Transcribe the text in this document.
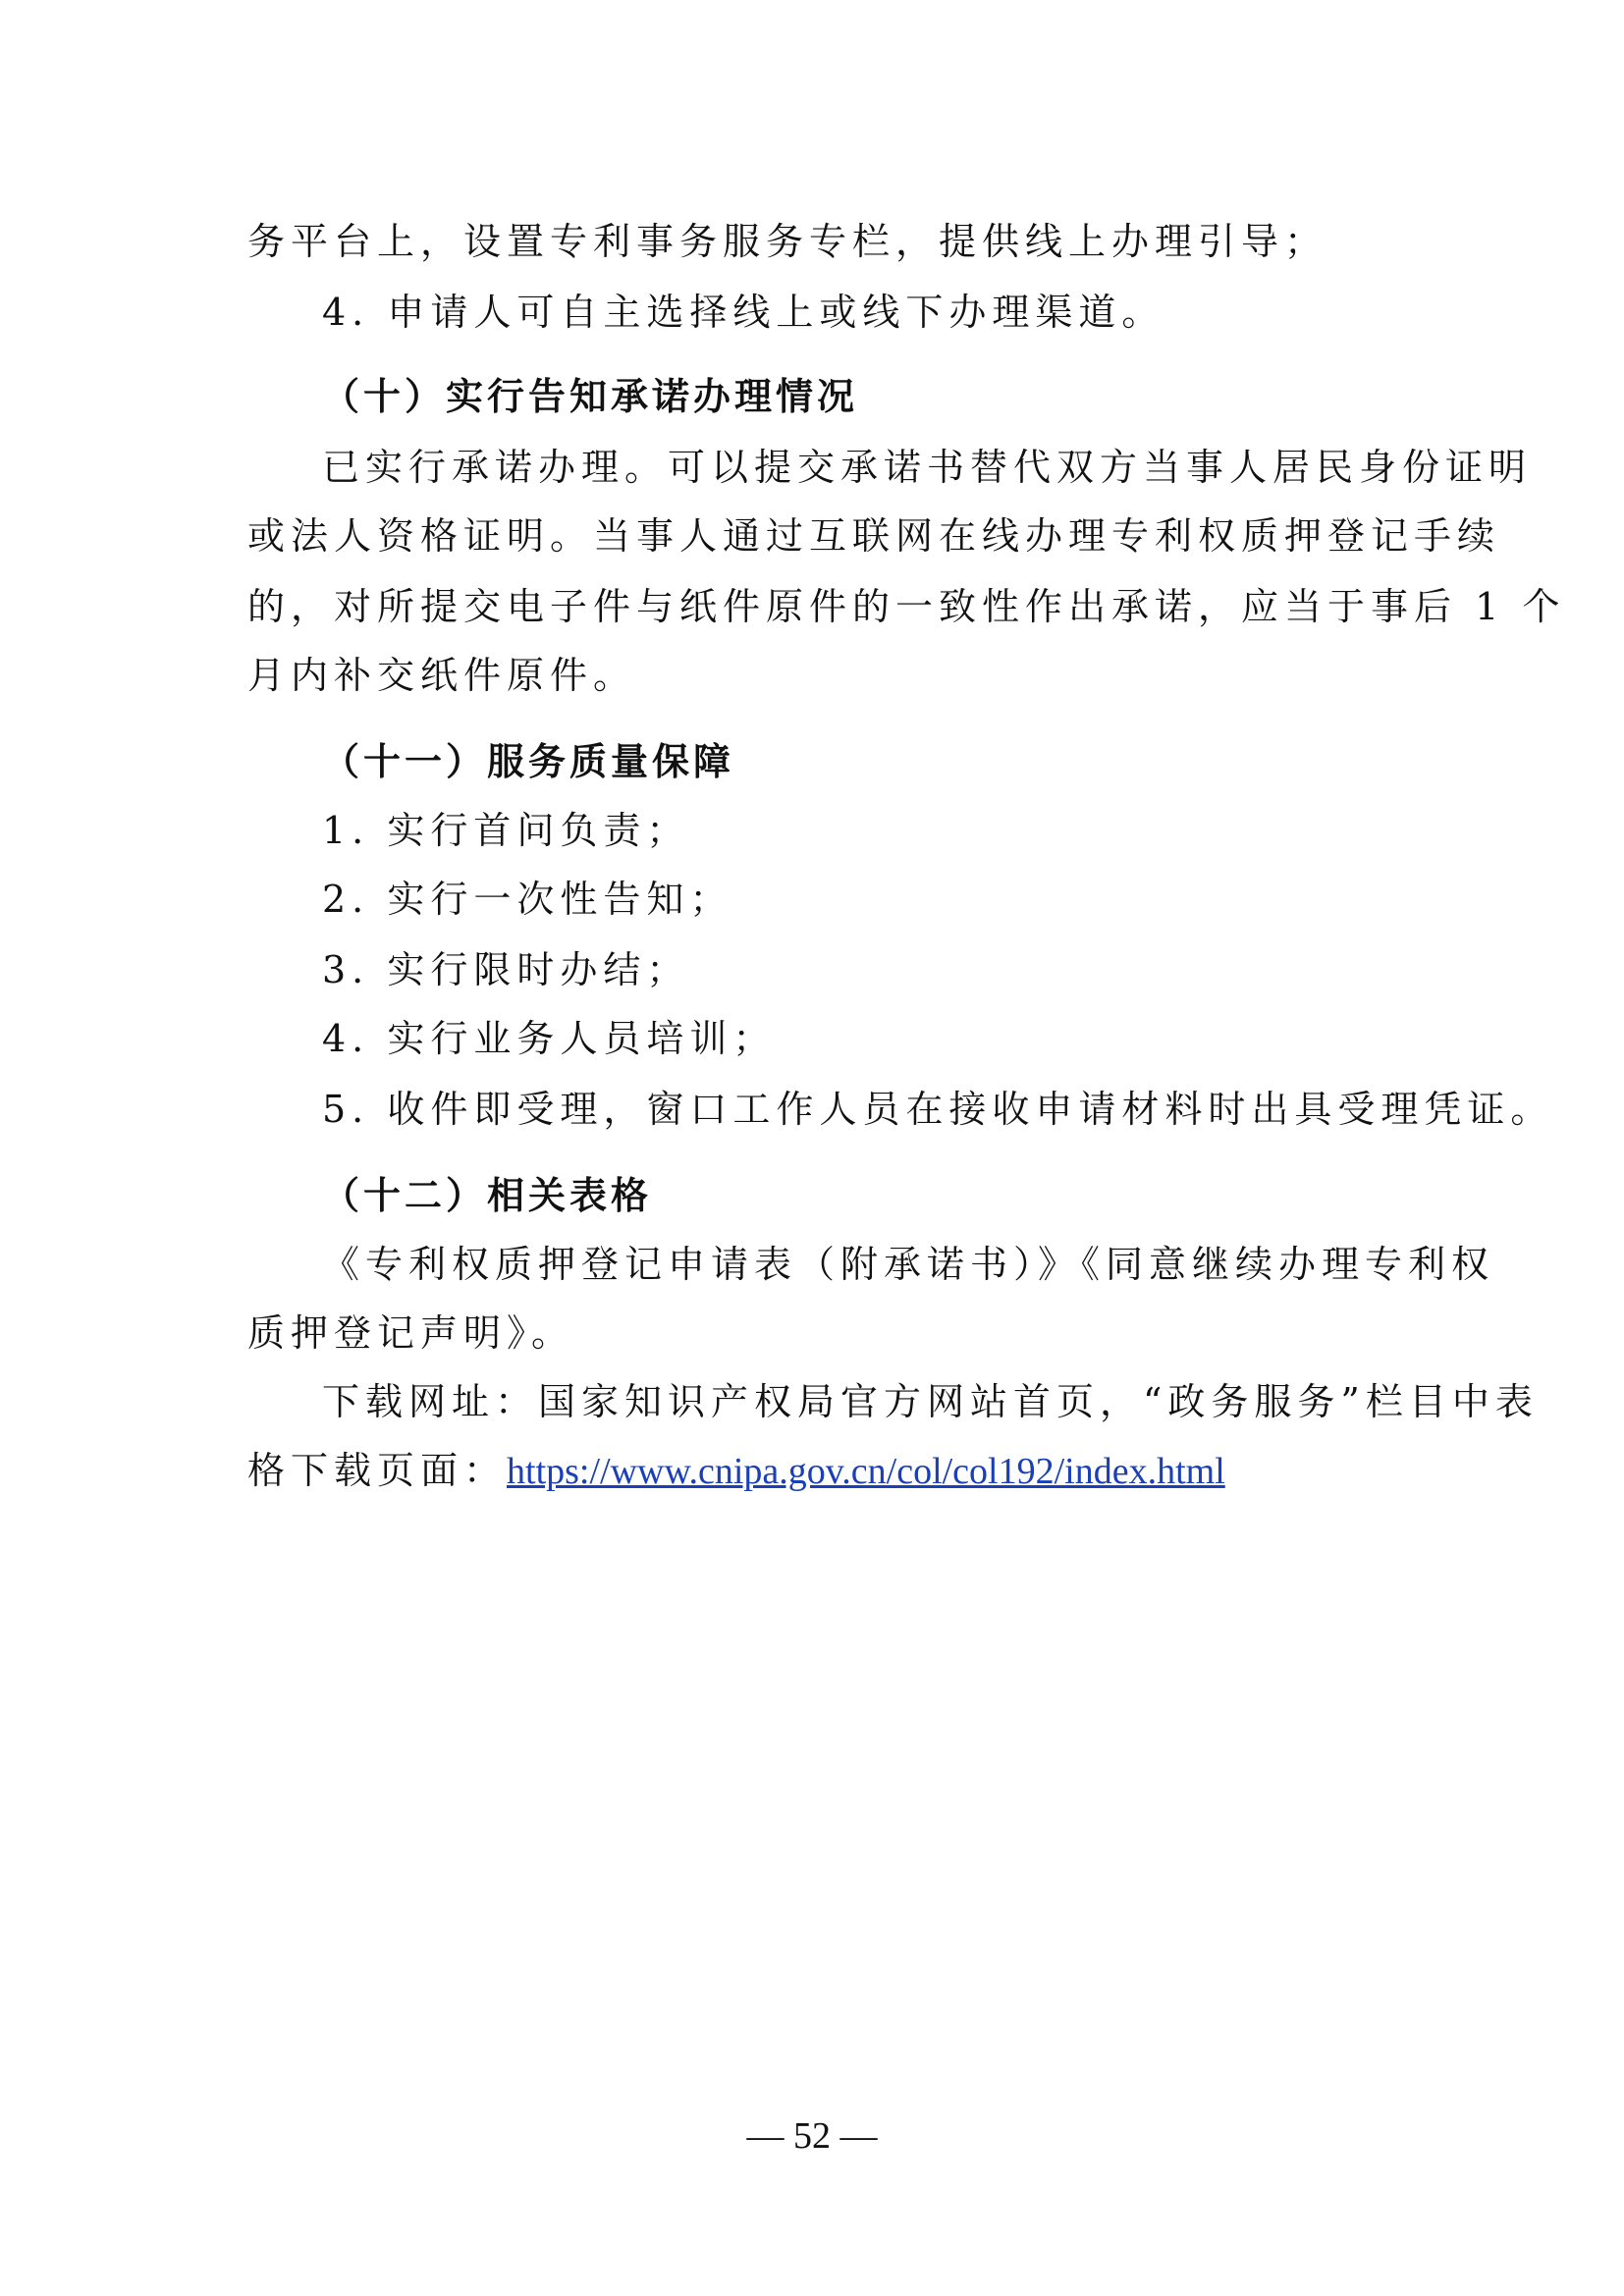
务平台上，设置专利事务服务专栏，提供线上办理引导；
4. 申请人可自主选择线上或线下办理渠道。
（十）实行告知承诺办理情况
已实行承诺办理。可以提交承诺书替代双方当事人居民身份证明
或法人资格证明。当事人通过互联网在线办理专利权质押登记手续
的，对所提交电子件与纸件原件的一致性作出承诺，应当于事后 1 个
月内补交纸件原件。
（十一）服务质量保障
1. 实行首问负责；
2. 实行一次性告知；
3. 实行限时办结；
4. 实行业务人员培训；
5. 收件即受理，窗口工作人员在接收申请材料时出具受理凭证。
（十二）相关表格
《专利权质押登记申请表（附承诺书）》《同意继续办理专利权
质押登记声明》。
下载网址：国家知识产权局官方网站首页，“政务服务”栏目中表
格下载页面：https://www.cnipa.gov.cn/col/col192/index.html
— 52 —
